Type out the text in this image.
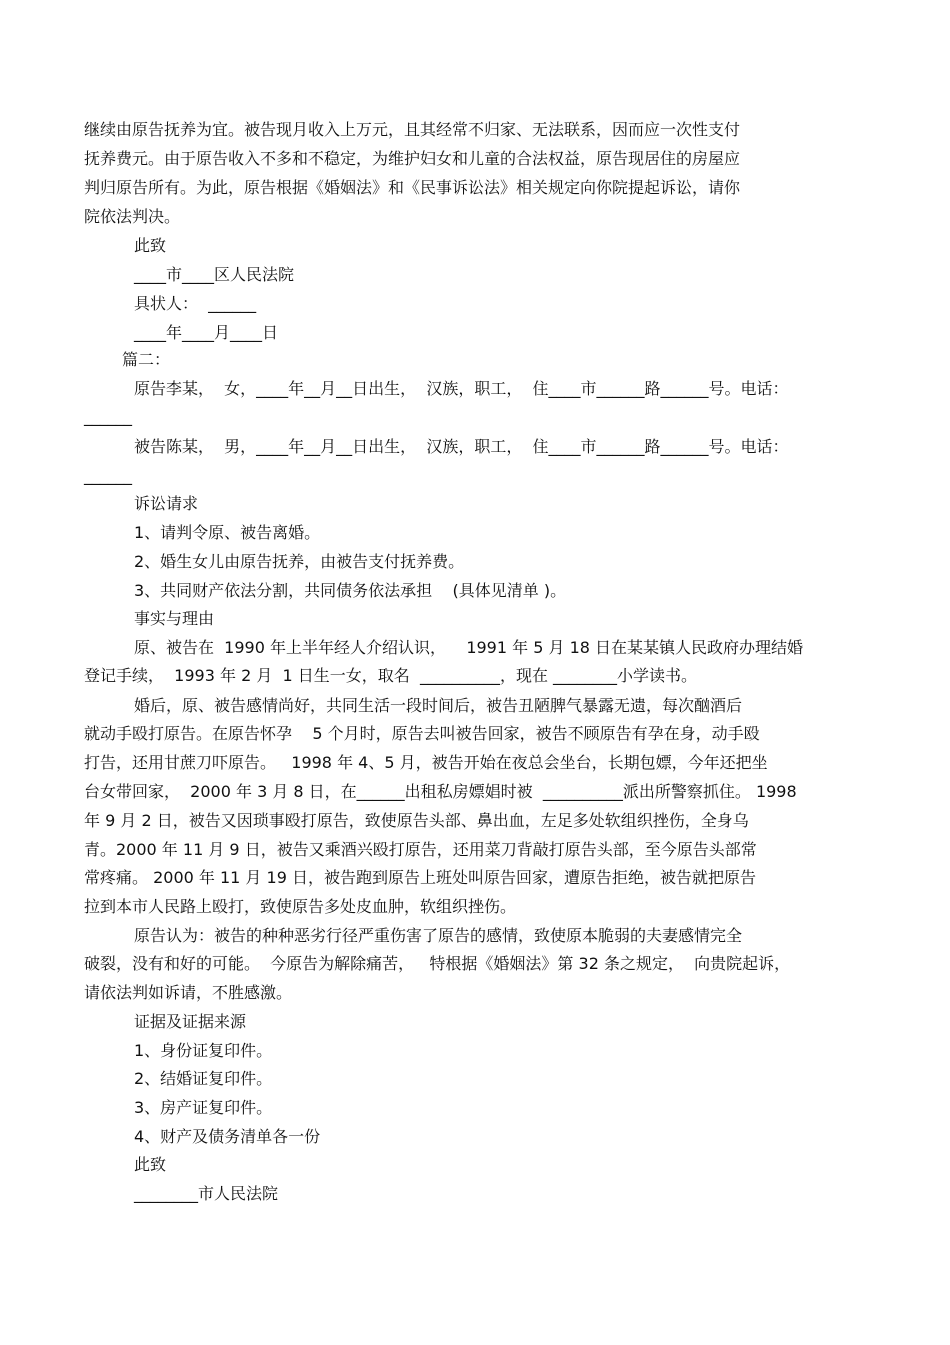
继续由原告抚养为宜。被告现月收入上万元，且其经常不归家、无法联系，因而应一次性支付

抚养费元。由于原告收入不多和不稳定，为维护妇女和儿童的合法权益，原告现居住的房屋应

判归原告所有。为此，原告根据《婚姻法》和《民事诉讼法》相关规定向你院提起诉讼，请你

院依法判决。

此致

____市____区人民法院

具状人：  ______

____年____月____日

篇二：

原告李某，  女，____年__月__日出生，  汉族，职工，  住____市______路______号。电话：

______

被告陈某，  男，____年__月__日出生，  汉族，职工，  住____市______路______号。电话：

______

诉讼请求

1、请判令原、被告离婚。

2、婚生女儿由原告抚养，由被告支付抚养费。

3、共同财产依法分割，共同债务依法承担    (具体见清单 )。

事实与理由

原、被告在  1990 年上半年经人介绍认识，    1991 年 5 月 18 日在某某镇人民政府办理结婚

登记手续，  1993 年 2 月  1 日生一女，取名  __________，现在 ________小学读书。

婚后，原、被告感情尚好，共同生活一段时间后，被告丑陋脾气暴露无遗，每次酗酒后

就动手殴打原告。在原告怀孕    5 个月时，原告去叫被告回家，被告不顾原告有孕在身，动手殴

打告，还用甘蔗刀吓原告。   1998 年 4、5 月，被告开始在夜总会坐台，长期包嫖，今年还把坐

台女带回家，  2000 年 3 月 8 日，在______出租私房嫖娼时被  __________派出所警察抓住。 1998

年 9 月 2 日，被告又因琐事殴打原告，致使原告头部、鼻出血，左足多处软组织挫伤，全身乌

青。2000 年 11 月 9 日，被告又乘酒兴殴打原告，还用菜刀背敲打原告头部，至今原告头部常

常疼痛。 2000 年 11 月 19 日，被告跑到原告上班处叫原告回家，遭原告拒绝，被告就把原告

拉到本市人民路上殴打，致使原告多处皮血肿，软组织挫伤。

原告认为：被告的种种恶劣行径严重伤害了原告的感情，致使原本脆弱的夫妻感情完全

破裂，没有和好的可能。  今原告为解除痛苦，   特根据《婚姻法》第 32 条之规定，  向贵院起诉，

请依法判如诉请，不胜感激。

证据及证据来源

1、身份证复印件。

2、结婚证复印件。

3、房产证复印件。

4、财产及债务清单各一份

此致

________市人民法院
